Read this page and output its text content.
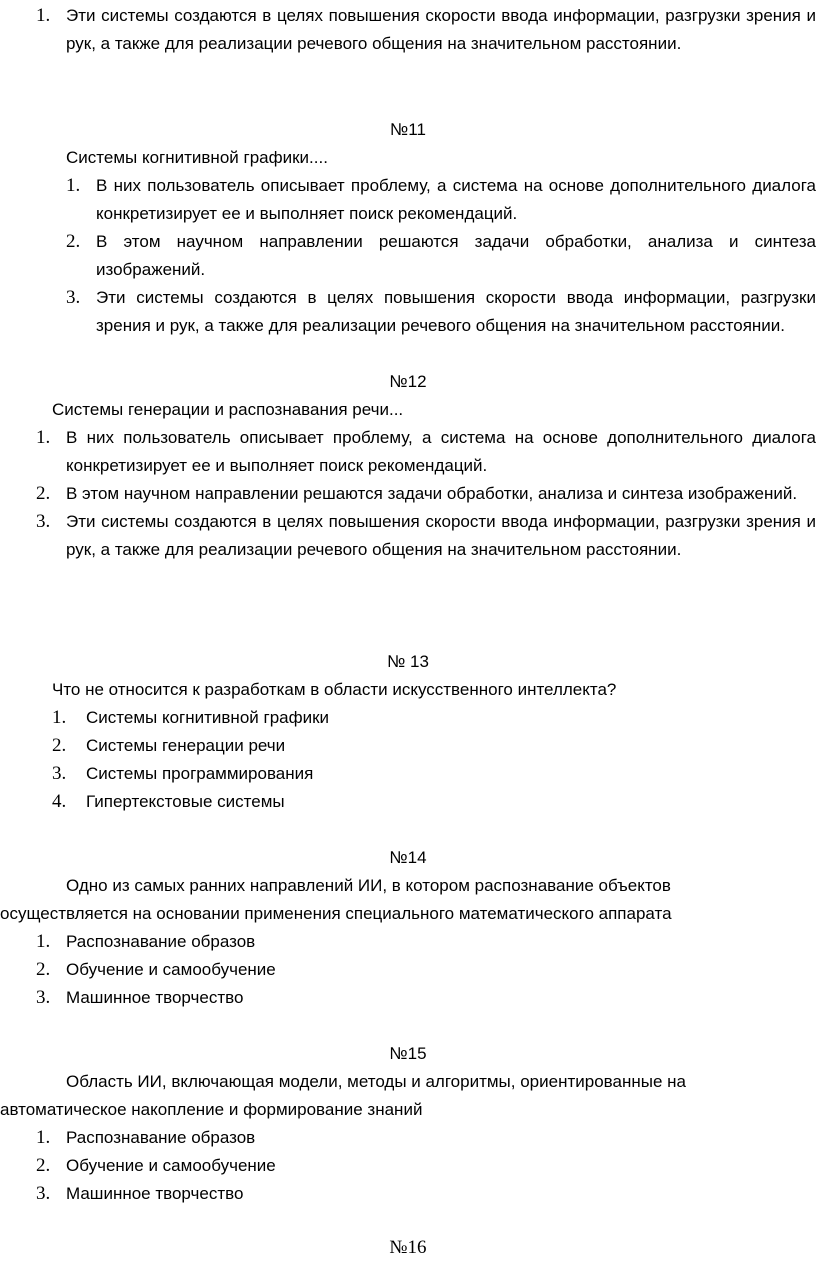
1. Эти системы создаются в целях повышения скорости ввода информации, разгрузки зрения и рук, а также для реализации речевого общения на значительном расстоянии.
№11
Системы когнитивной графики....
1. В них пользователь описывает проблему, а система на основе дополнительного диалога конкретизирует ее и выполняет поиск рекомендаций.
2. В этом научном направлении решаются задачи обработки, анализа и синтеза изображений.
3. Эти системы создаются в целях повышения скорости ввода информации, разгрузки зрения и рук, а также для реализации речевого общения на значительном расстоянии.
№12
Системы генерации и распознавания речи...
1. В них пользователь описывает проблему, а система на основе дополнительного диалога конкретизирует ее и выполняет поиск рекомендаций.
2. В этом научном направлении решаются задачи обработки, анализа и синтеза изображений.
3. Эти системы создаются в целях повышения скорости ввода информации, разгрузки зрения и рук, а также для реализации речевого общения на значительном расстоянии.
№ 13
Что не относится к разработкам в области искусственного интеллекта?
1. Системы когнитивной графики
2. Системы генерации речи
3. Системы программирования
4. Гипертекстовые системы
№14
Одно из самых ранних направлений ИИ, в котором распознавание объектов осуществляется на основании применения специального математического аппарата
1. Распознавание образов
2. Обучение и самообучение
3. Машинное творчество
№15
Область ИИ, включающая модели, методы и алгоритмы, ориентированные на автоматическое накопление и формирование знаний
1. Распознавание образов
2. Обучение и самообучение
3. Машинное творчество
№16
